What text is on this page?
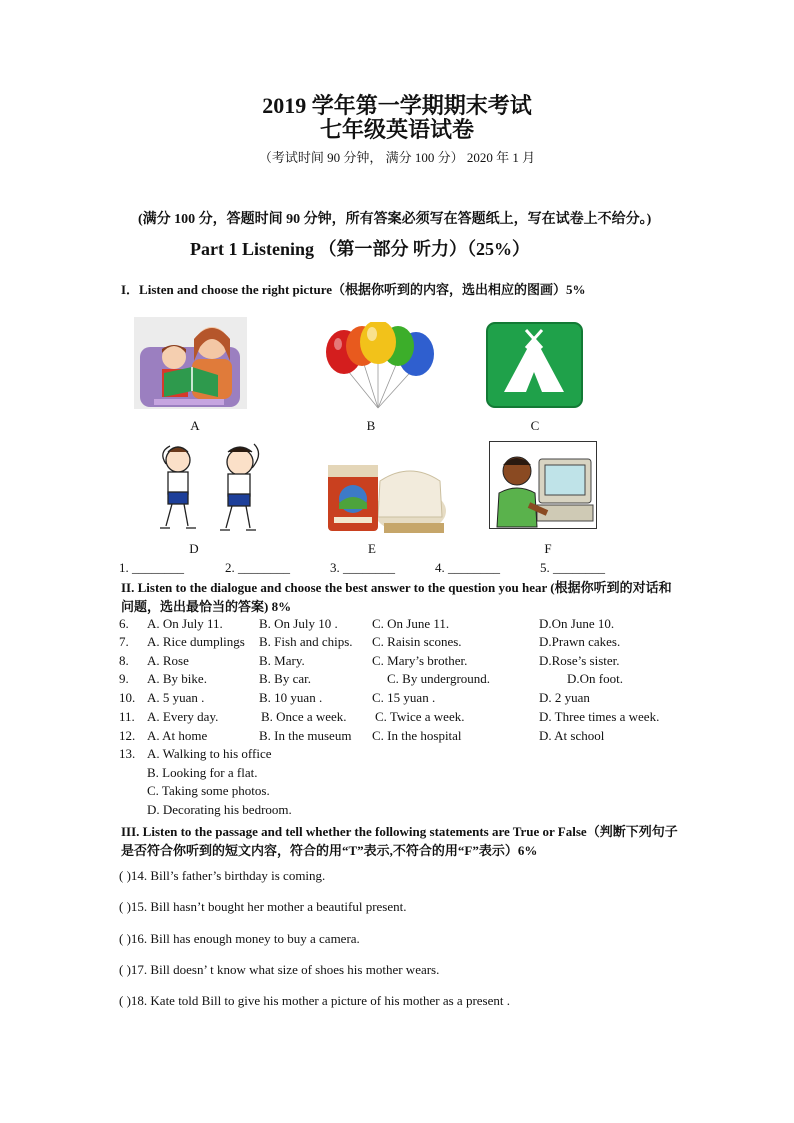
2019 学年第一学期期末考试
七年级英语试卷
（考试时间 90 分钟， 满分 100 分） 2020 年 1 月
(满分 100 分，答题时间 90 分钟，所有答案必须写在答题纸上，写在试卷上不给分。)
Part 1 Listening （第一部分 听力）（25%）
I．Listen and choose the right picture（根据你听到的内容，选出相应的图画）5%
A	B	C
D	E	F
1. ________	2. ________	3. ________	4. ________	5. ________
II. Listen to the dialogue and choose the best answer to the question you hear (根据你听到的对话和问题，选出最恰当的答案) 8%
6. A. On July 11.	B. On July 10 .	C. On June 11.	D.On June 10.
7. A. Rice dumplings B. Fish and chips. C. Raisin scones.	D.Prawn cakes.
8. A. Rose	B. Mary.	C. Mary’s brother.	D.Rose’s sister.
9. A. By bike.	B. By car.	C. By underground.	D.On foot.
10. A. 5 yuan .	B. 10 yuan .	C. 15 yuan .	D. 2 yuan
11. A. Every day.	B. Once a week. C. Twice a week.	D. Three times a week.
12. A. At home	B. In the museum C. In the hospital	D. At school
13. A. Walking to his office
B. Looking for a flat.
C. Taking some photos.
D. Decorating his bedroom.
III. Listen to the passage and tell whether the following statements are True or False（判断下列句子是否符合你听到的短文内容，符合的用“T”表示,不符合的用“F”表示）6%
( )14. Bill’s father’s birthday is coming.
( )15. Bill hasn’t bought her mother a beautiful present.
( )16. Bill has enough money to buy a camera.
( )17. Bill doesn’ t know what size of shoes his mother wears.
( )18. Kate told Bill to give his mother a picture of his mother as a present .
